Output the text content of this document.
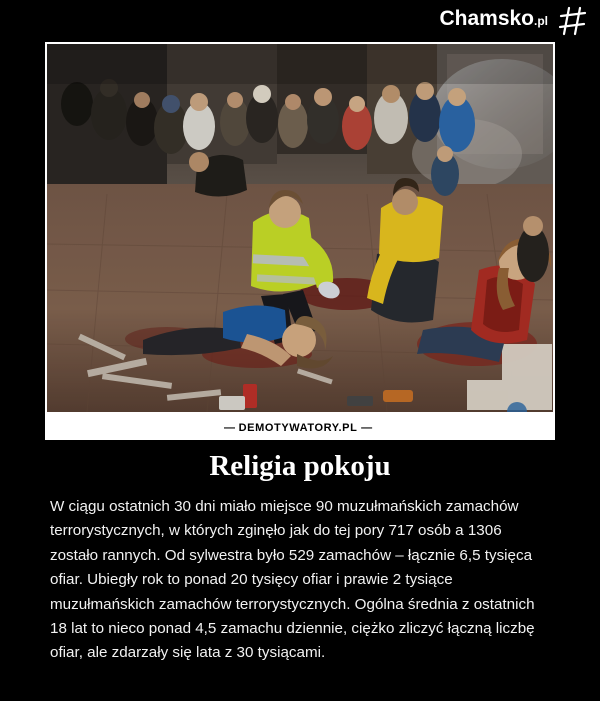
Chamsko.pl
—
DEMOTYWATORY.PL
—
Religia pokoju
W ciągu ostatnich 30 dni miało miejsce 90 muzułmańskich zamachów terrorystycznych, w których zginęło jak do tej pory 717 osób a 1306 zostało rannych. Od sylwestra było 529 zamachów – łącznie 6,5 tysięca ofiar. Ubiegły rok to ponad 20 tysięcy ofiar i prawie 2 tysiące muzułmańskich zamachów terrorystycznych. Ogólna średnia z ostatnich 18 lat to nieco ponad 4,5 zamachu dziennie, ciężko zliczyć łączną liczbę ofiar, ale zdarzały się lata z 30 tysiącami.
